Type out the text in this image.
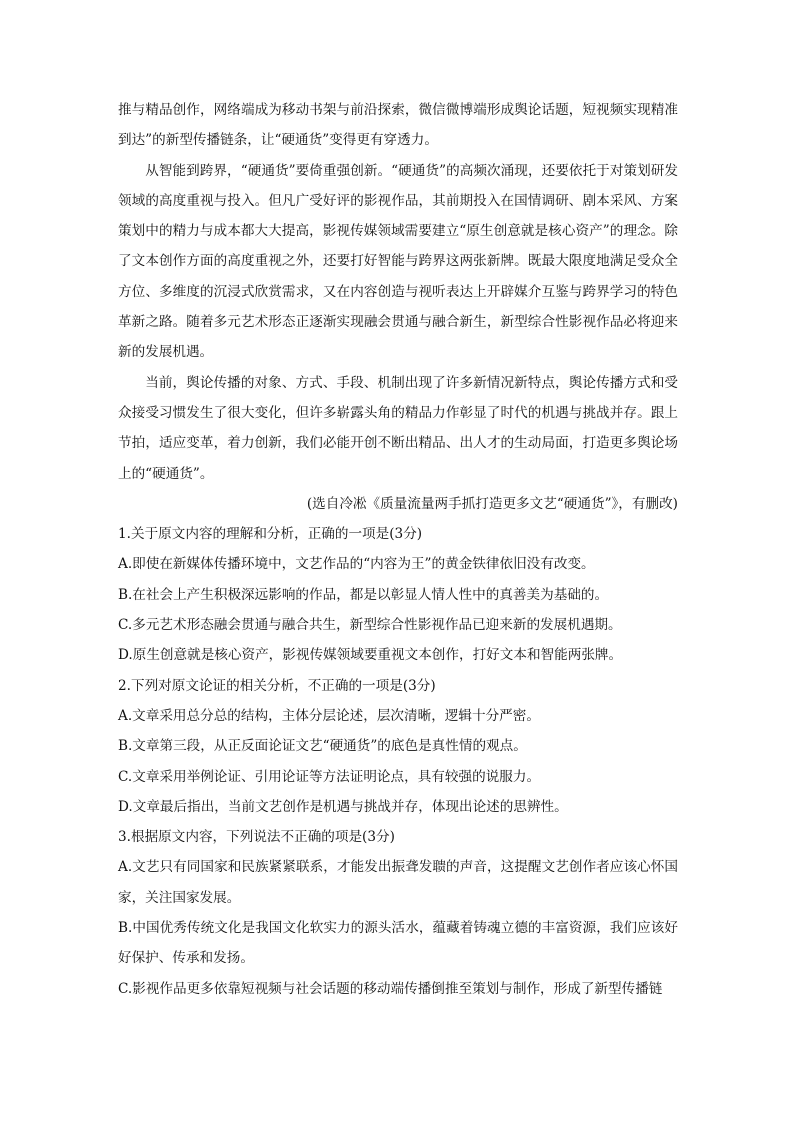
推与精品创作，网络端成为移动书架与前沿探索，微信微博端形成舆论话题，短视频实现精准到达”的新型传播链条，让“硬通货”变得更有穿透力。

从智能到跨界，“硬通货”要倚重强创新。“硬通货”的高频次涌现，还要依托于对策划研发领域的高度重视与投入。但凡广受好评的影视作品，其前期投入在国情调研、剧本采风、方案策划中的精力与成本都大大提高，影视传媒领域需要建立“原生创意就是核心资产”的理念。除了文本创作方面的高度重视之外，还要打好智能与跨界这两张新牌。既最大限度地满足受众全方位、多维度的沉浸式欣赏需求，又在内容创造与视听表达上开辟媒介互鉴与跨界学习的特色革新之路。随着多元艺术形态正逐渐实现融会贯通与融合新生，新型综合性影视作品必将迎来新的发展机遇。

当前，舆论传播的对象、方式、手段、机制出现了许多新情况新特点，舆论传播方式和受众接受习惯发生了很大变化，但许多崭露头角的精品力作彰显了时代的机遇与挑战并存。跟上节拍，适应变革，着力创新，我们必能开创不断出精品、出人才的生动局面，打造更多舆论场上的“硬通货”。

(选自冷凇《质量流量两手抓打造更多文艺“硬通货”》，有删改)

1.关于原文内容的理解和分析，正确的一项是(3分)

A.即使在新媒体传播环境中，文艺作品的“内容为王”的黄金铁律依旧没有改变。

B.在社会上产生积极深远影响的作品，都是以彰显人情人性中的真善美为基础的。

C.多元艺术形态融会贯通与融合共生，新型综合性影视作品已迎来新的发展机遇期。

D.原生创意就是核心资产，影视传媒领域要重视文本创作，打好文本和智能两张牌。

2.下列对原文论证的相关分析，不正确的一项是(3分)

A.文章采用总分总的结构，主体分层论述，层次清晰，逻辑十分严密。

B.文章第三段，从正反面论证文艺“硬通货”的底色是真性情的观点。

C.文章采用举例论证、引用论证等方法证明论点，具有较强的说服力。

D.文章最后指出，当前文艺创作是机遇与挑战并存，体现出论述的思辨性。

3.根据原文内容，下列说法不正确的项是(3分)

A.文艺只有同国家和民族紧紧联系，才能发出振聋发聩的声音，这提醒文艺创作者应该心怀国家，关注国家发展。

B.中国优秀传统文化是我国文化软实力的源头活水，蕴藏着铸魂立德的丰富资源，我们应该好好保护、传承和发扬。

C.影视作品更多依靠短视频与社会话题的移动端传播倒推至策划与制作，形成了新型传播链
